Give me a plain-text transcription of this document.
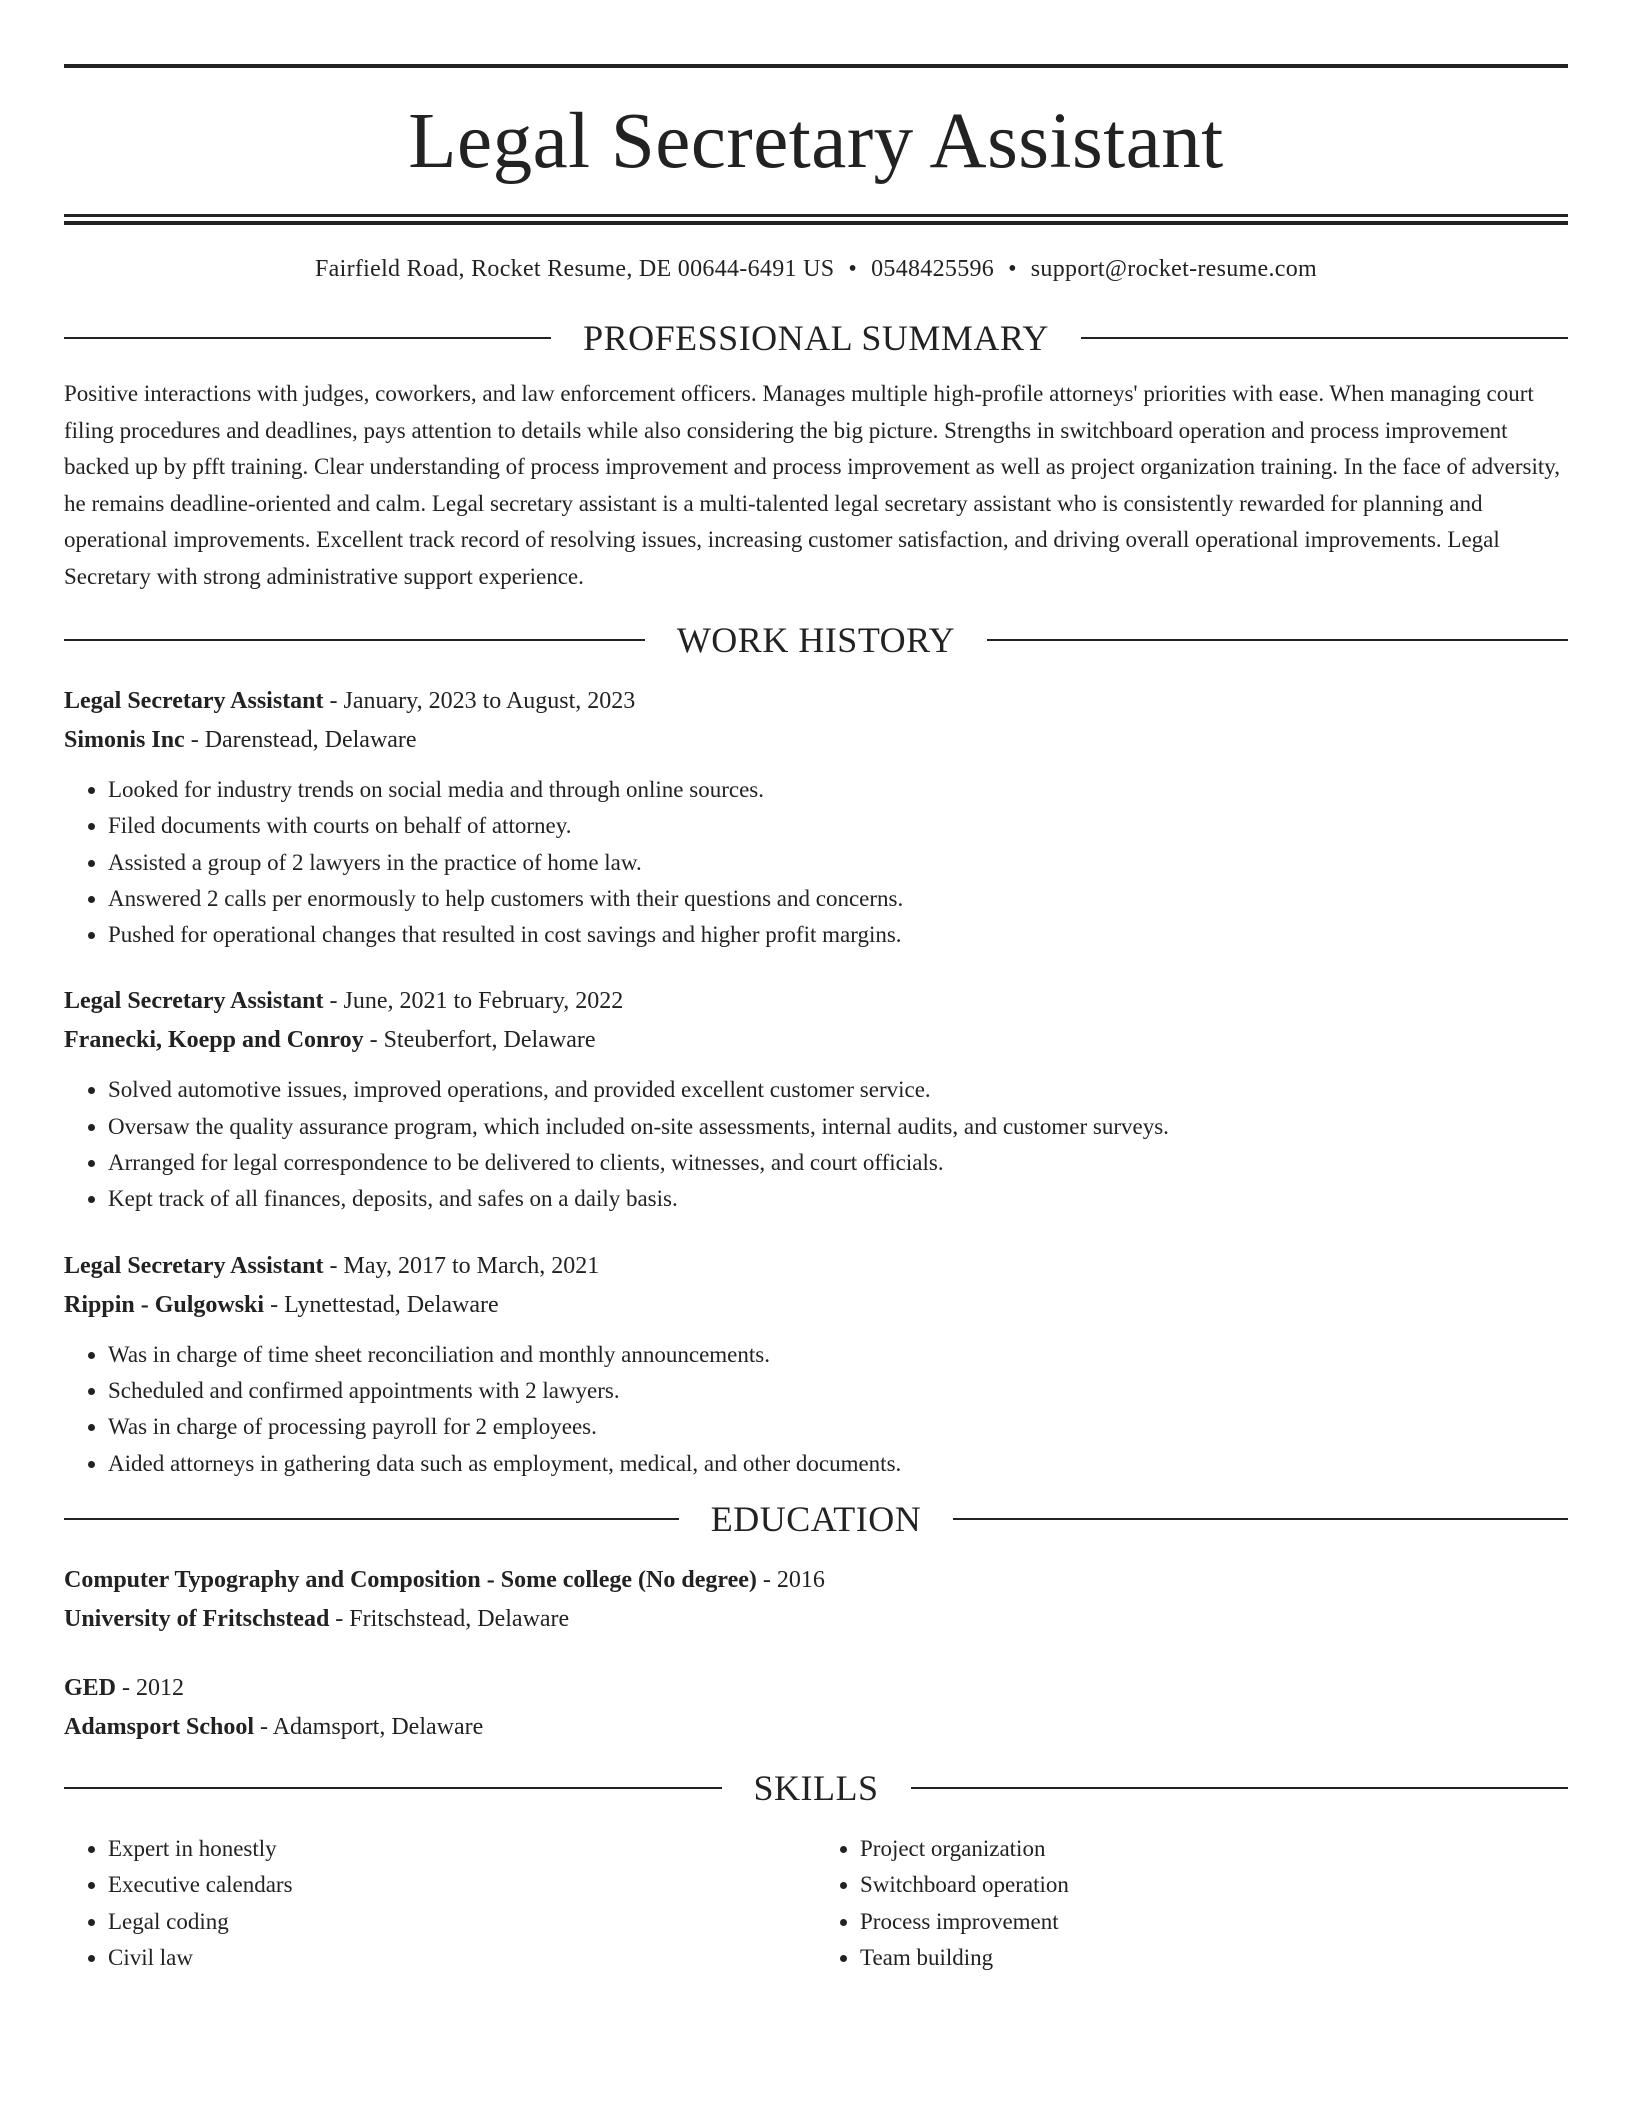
Legal Secretary Assistant
Fairfield Road, Rocket Resume, DE 00644-6491 US • 0548425596 • support@rocket-resume.com
PROFESSIONAL SUMMARY
Positive interactions with judges, coworkers, and law enforcement officers. Manages multiple high-profile attorneys' priorities with ease. When managing court filing procedures and deadlines, pays attention to details while also considering the big picture. Strengths in switchboard operation and process improvement backed up by pfft training. Clear understanding of process improvement and process improvement as well as project organization training. In the face of adversity, he remains deadline-oriented and calm. Legal secretary assistant is a multi-talented legal secretary assistant who is consistently rewarded for planning and operational improvements. Excellent track record of resolving issues, increasing customer satisfaction, and driving overall operational improvements. Legal Secretary with strong administrative support experience.
WORK HISTORY
Legal Secretary Assistant - January, 2023 to August, 2023
Simonis Inc - Darenstead, Delaware
• Looked for industry trends on social media and through online sources.
• Filed documents with courts on behalf of attorney.
• Assisted a group of 2 lawyers in the practice of home law.
• Answered 2 calls per enormously to help customers with their questions and concerns.
• Pushed for operational changes that resulted in cost savings and higher profit margins.
Legal Secretary Assistant - June, 2021 to February, 2022
Franecki, Koepp and Conroy - Steuberfort, Delaware
• Solved automotive issues, improved operations, and provided excellent customer service.
• Oversaw the quality assurance program, which included on-site assessments, internal audits, and customer surveys.
• Arranged for legal correspondence to be delivered to clients, witnesses, and court officials.
• Kept track of all finances, deposits, and safes on a daily basis.
Legal Secretary Assistant - May, 2017 to March, 2021
Rippin - Gulgowski - Lynettestad, Delaware
• Was in charge of time sheet reconciliation and monthly announcements.
• Scheduled and confirmed appointments with 2 lawyers.
• Was in charge of processing payroll for 2 employees.
• Aided attorneys in gathering data such as employment, medical, and other documents.
EDUCATION
Computer Typography and Composition - Some college (No degree) - 2016
University of Fritschstead - Fritschstead, Delaware
GED - 2012
Adamsport School - Adamsport, Delaware
SKILLS
• Expert in honestly
• Executive calendars
• Legal coding
• Civil law
• Project organization
• Switchboard operation
• Process improvement
• Team building
